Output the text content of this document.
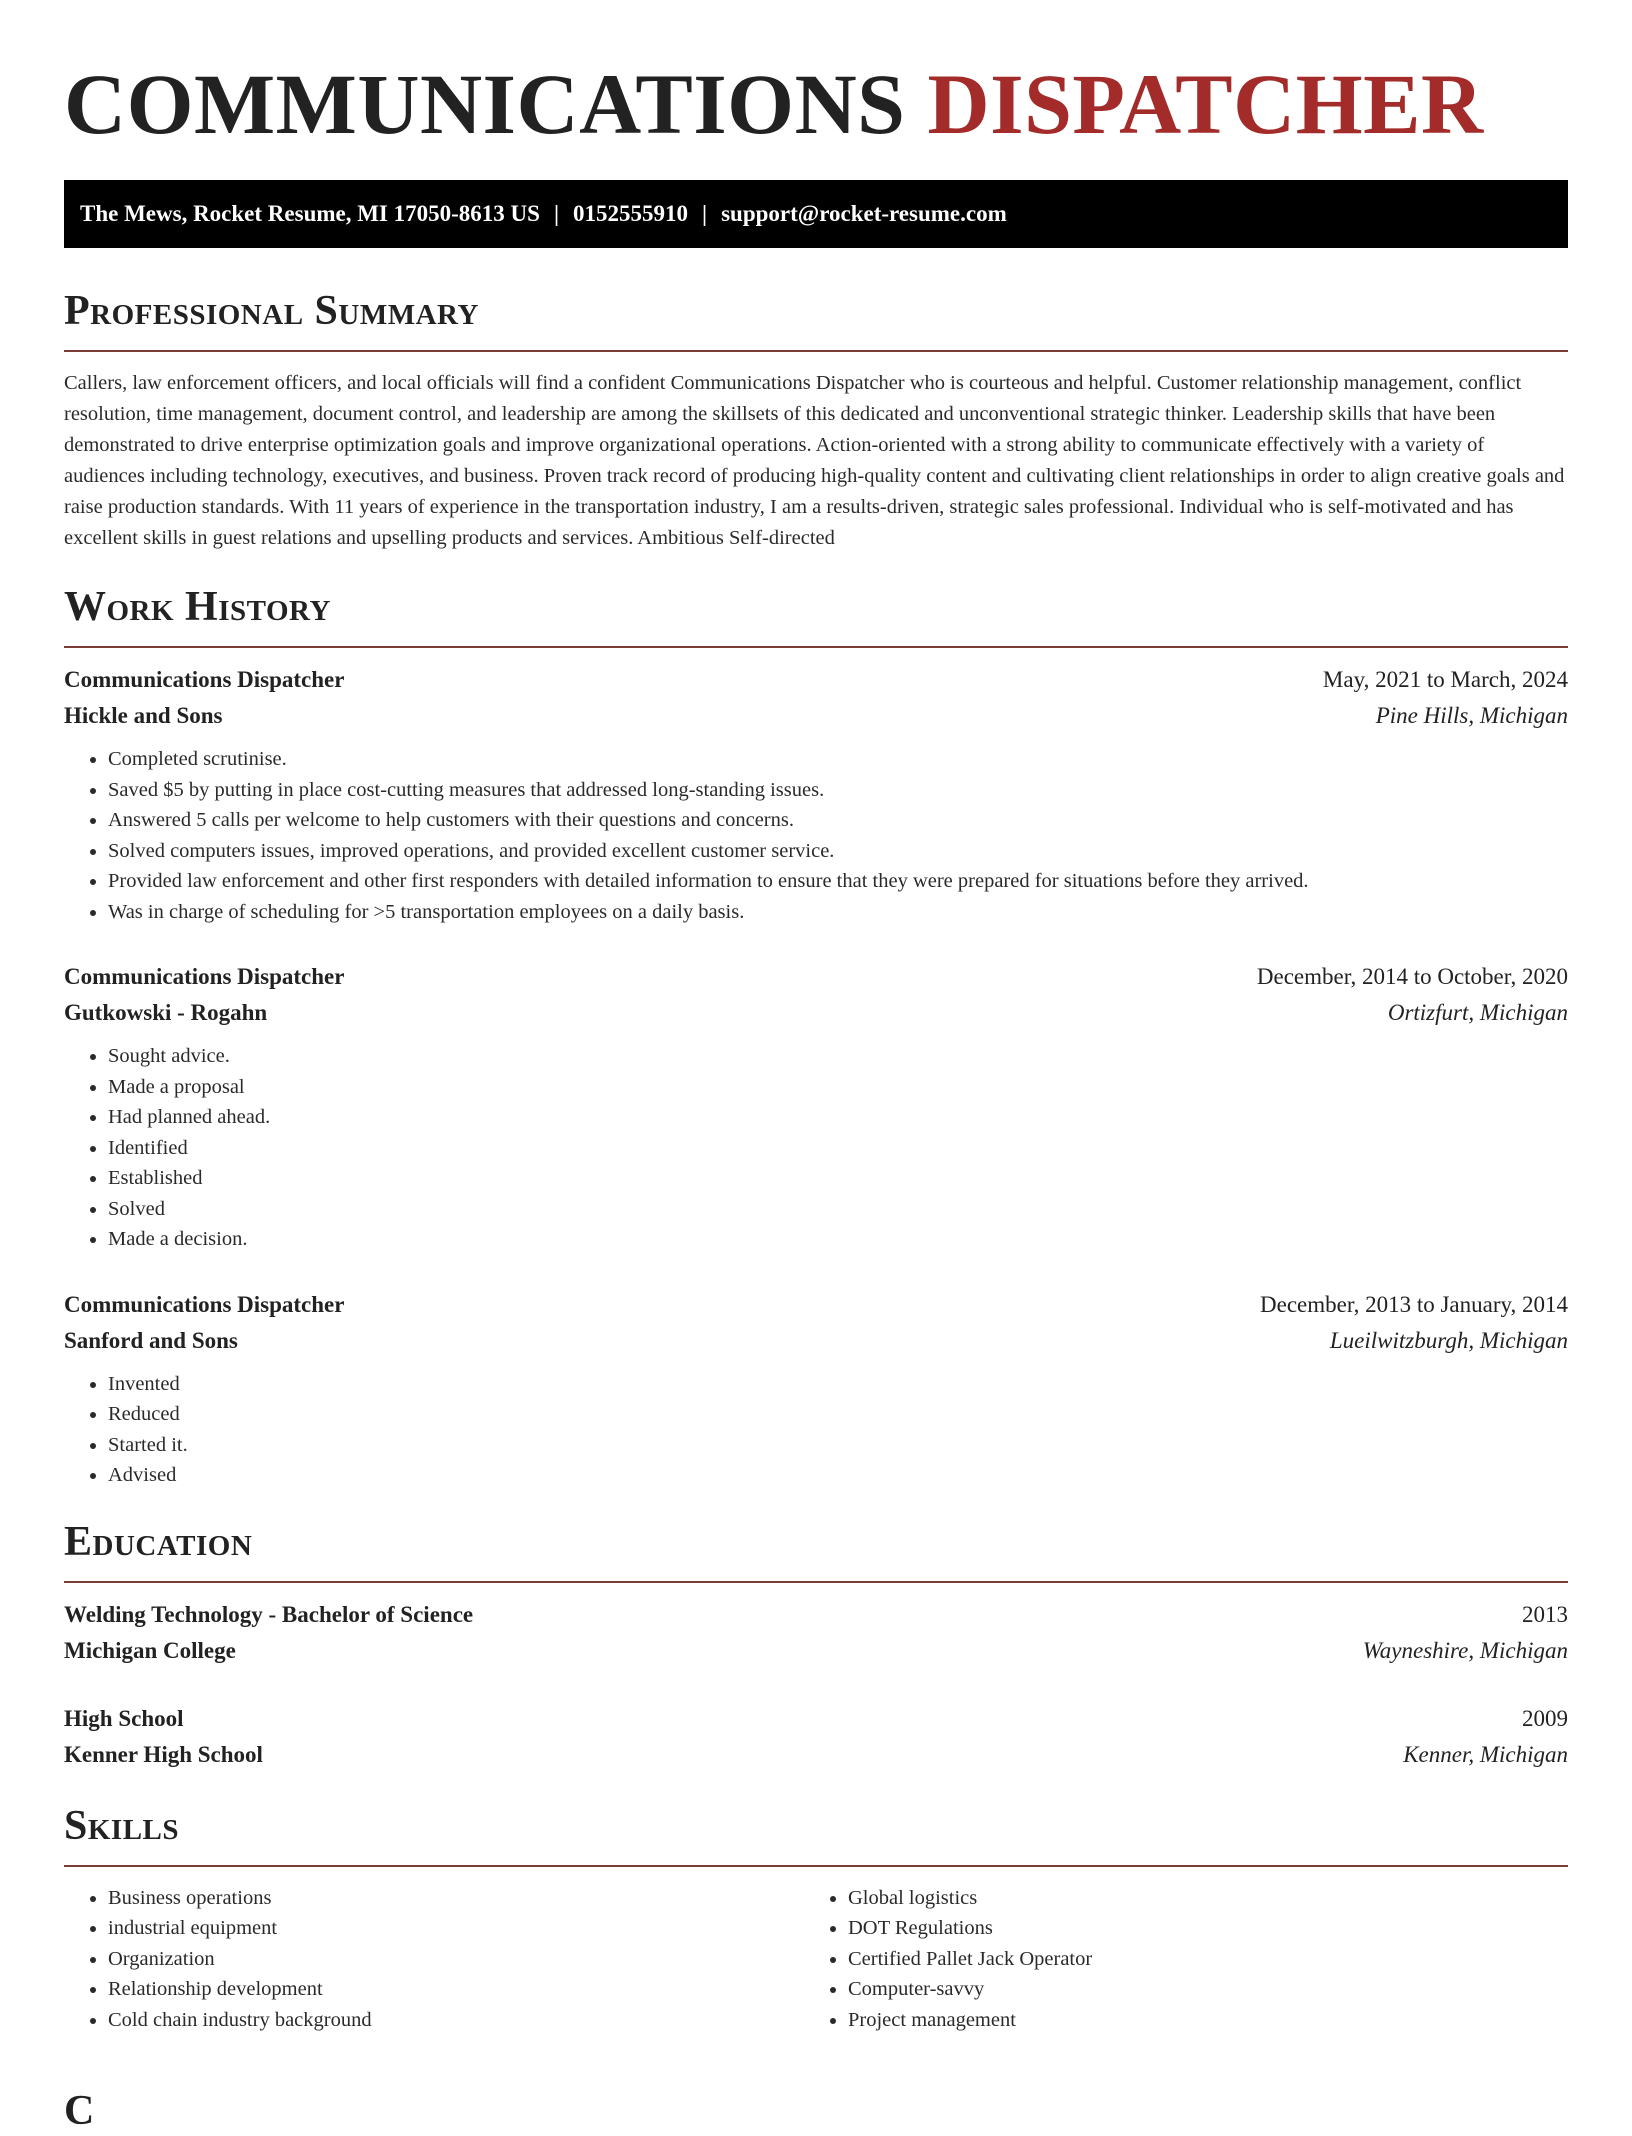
COMMUNICATIONS DISPATCHER
The Mews, Rocket Resume, MI 17050-8613 US | 0152555910 | support@rocket-resume.com
Professional Summary
Callers, law enforcement officers, and local officials will find a confident Communications Dispatcher who is courteous and helpful. Customer relationship management, conflict resolution, time management, document control, and leadership are among the skillsets of this dedicated and unconventional strategic thinker. Leadership skills that have been demonstrated to drive enterprise optimization goals and improve organizational operations. Action-oriented with a strong ability to communicate effectively with a variety of audiences including technology, executives, and business. Proven track record of producing high-quality content and cultivating client relationships in order to align creative goals and raise production standards. With 11 years of experience in the transportation industry, I am a results-driven, strategic sales professional. Individual who is self-motivated and has excellent skills in guest relations and upselling products and services. Ambitious Self-directed
Work History
Communications Dispatcher	May, 2021 to March, 2024
Hickle and Sons	Pine Hills, Michigan
• Completed scrutinise.
• Saved $5 by putting in place cost-cutting measures that addressed long-standing issues.
• Answered 5 calls per welcome to help customers with their questions and concerns.
• Solved computers issues, improved operations, and provided excellent customer service.
• Provided law enforcement and other first responders with detailed information to ensure that they were prepared for situations before they arrived.
• Was in charge of scheduling for >5 transportation employees on a daily basis.
Communications Dispatcher	December, 2014 to October, 2020
Gutkowski - Rogahn	Ortizfurt, Michigan
• Sought advice.
• Made a proposal
• Had planned ahead.
• Identified
• Established
• Solved
• Made a decision.
Communications Dispatcher	December, 2013 to January, 2014
Sanford and Sons	Lueilwitzburgh, Michigan
• Invented
• Reduced
• Started it.
• Advised
Education
Welding Technology - Bachelor of Science	2013
Michigan College	Wayneshire, Michigan
High School	2009
Kenner High School	Kenner, Michigan
Skills
• Business operations
• industrial equipment
• Organization
• Relationship development
• Cold chain industry background
• Global logistics
• DOT Regulations
• Certified Pallet Jack Operator
• Computer-savvy
• Project management
C
